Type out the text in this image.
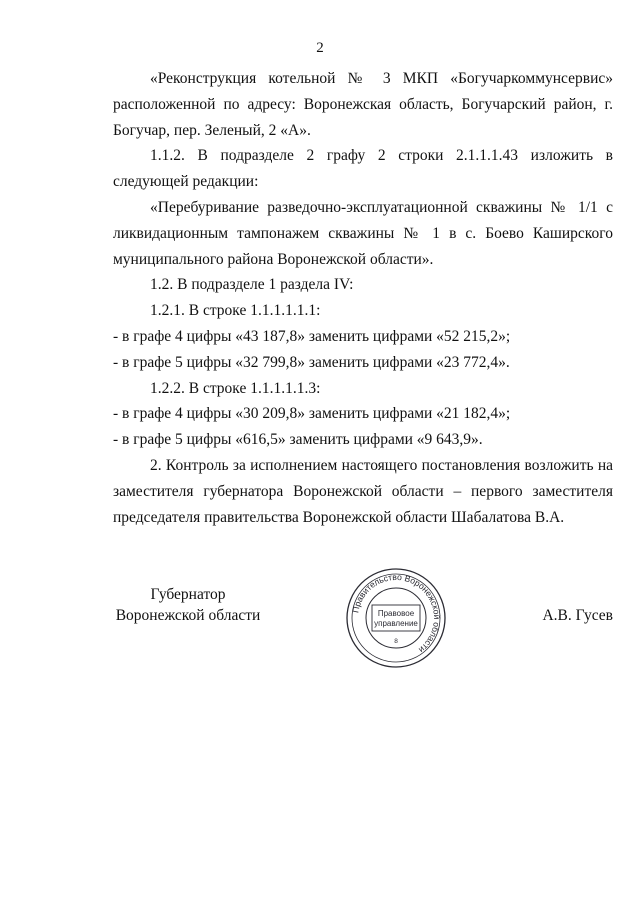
2

«Реконструкция котельной № 3 МКП «Богучаркоммунсервис» расположенной по адресу: Воронежская область, Богучарский район, г. Богучар, пер. Зеленый, 2 «А».

1.1.2. В подразделе 2 графу 2 строки 2.1.1.1.43 изложить в следующей редакции:

«Перебуривание разведочно-эксплуатационной скважины № 1/1 с ликвидационным тампонажем скважины № 1 в с. Боево Каширского муниципального района Воронежской области».

1.2. В подразделе 1 раздела IV:

1.2.1. В строке 1.1.1.1.1.1:

- в графе 4 цифры «43 187,8» заменить цифрами «52 215,2»;

- в графе 5 цифры «32 799,8» заменить цифрами «23 772,4».

1.2.2. В строке 1.1.1.1.1.3:

- в графе 4 цифры «30 209,8» заменить цифрами «21 182,4»;

- в графе 5 цифры «616,5» заменить цифрами «9 643,9».

2. Контроль за исполнением настоящего постановления возложить на заместителя губернатора Воронежской области – первого заместителя председателя правительства Воронежской области Шабалатова В.А.

Губернатор
Воронежской области	Правительство Воронежской области
Правовое
управление
8
А.В. Гусев
